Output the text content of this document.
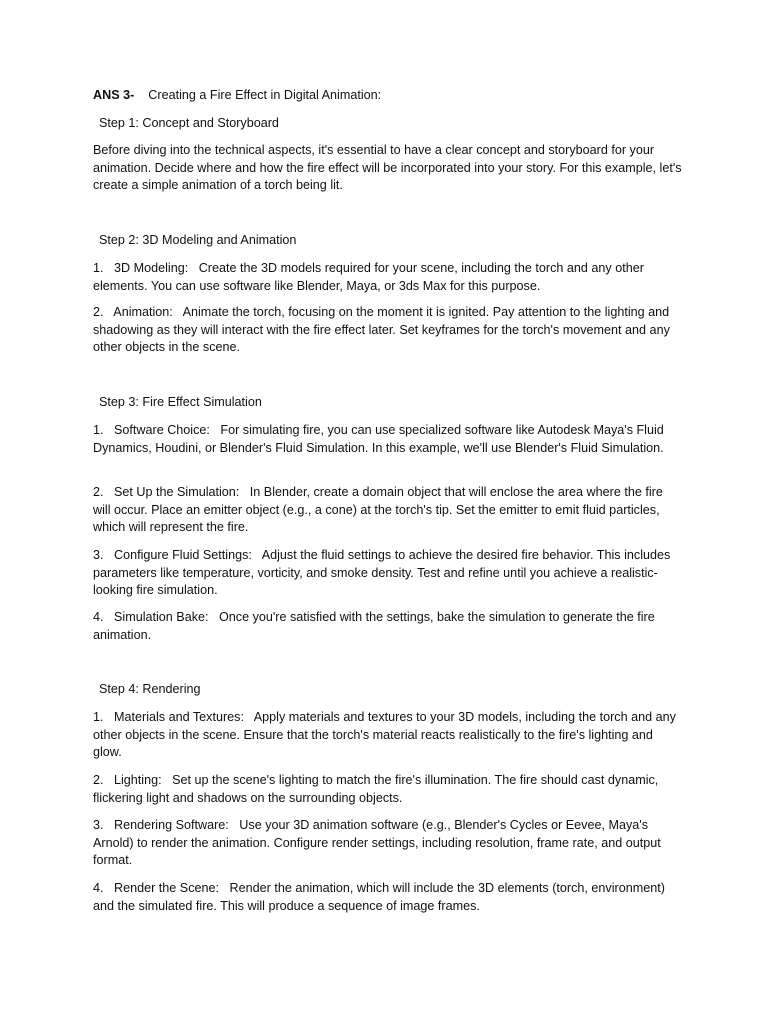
ANS 3- Creating a Fire Effect in Digital Animation:
Step 1: Concept and Storyboard
Before diving into the technical aspects, it's essential to have a clear concept and storyboard for your animation. Decide where and how the fire effect will be incorporated into your story. For this example, let's create a simple animation of a torch being lit.
Step 2: 3D Modeling and Animation
1.   3D Modeling:   Create the 3D models required for your scene, including the torch and any other elements. You can use software like Blender, Maya, or 3ds Max for this purpose.
2.   Animation:   Animate the torch, focusing on the moment it is ignited. Pay attention to the lighting and shadowing as they will interact with the fire effect later. Set keyframes for the torch's movement and any other objects in the scene.
Step 3: Fire Effect Simulation
1.   Software Choice:   For simulating fire, you can use specialized software like Autodesk Maya's Fluid Dynamics, Houdini, or Blender's Fluid Simulation. In this example, we'll use Blender's Fluid Simulation.
2.   Set Up the Simulation:   In Blender, create a domain object that will enclose the area where the fire will occur. Place an emitter object (e.g., a cone) at the torch's tip. Set the emitter to emit fluid particles, which will represent the fire.
3.   Configure Fluid Settings:   Adjust the fluid settings to achieve the desired fire behavior. This includes parameters like temperature, vorticity, and smoke density. Test and refine until you achieve a realistic-looking fire simulation.
4.   Simulation Bake:   Once you're satisfied with the settings, bake the simulation to generate the fire animation.
Step 4: Rendering
1.   Materials and Textures:   Apply materials and textures to your 3D models, including the torch and any other objects in the scene. Ensure that the torch's material reacts realistically to the fire's lighting and glow.
2.   Lighting:   Set up the scene's lighting to match the fire's illumination. The fire should cast dynamic, flickering light and shadows on the surrounding objects.
3.   Rendering Software:   Use your 3D animation software (e.g., Blender's Cycles or Eevee, Maya's Arnold) to render the animation. Configure render settings, including resolution, frame rate, and output format.
4.   Render the Scene:   Render the animation, which will include the 3D elements (torch, environment) and the simulated fire. This will produce a sequence of image frames.
